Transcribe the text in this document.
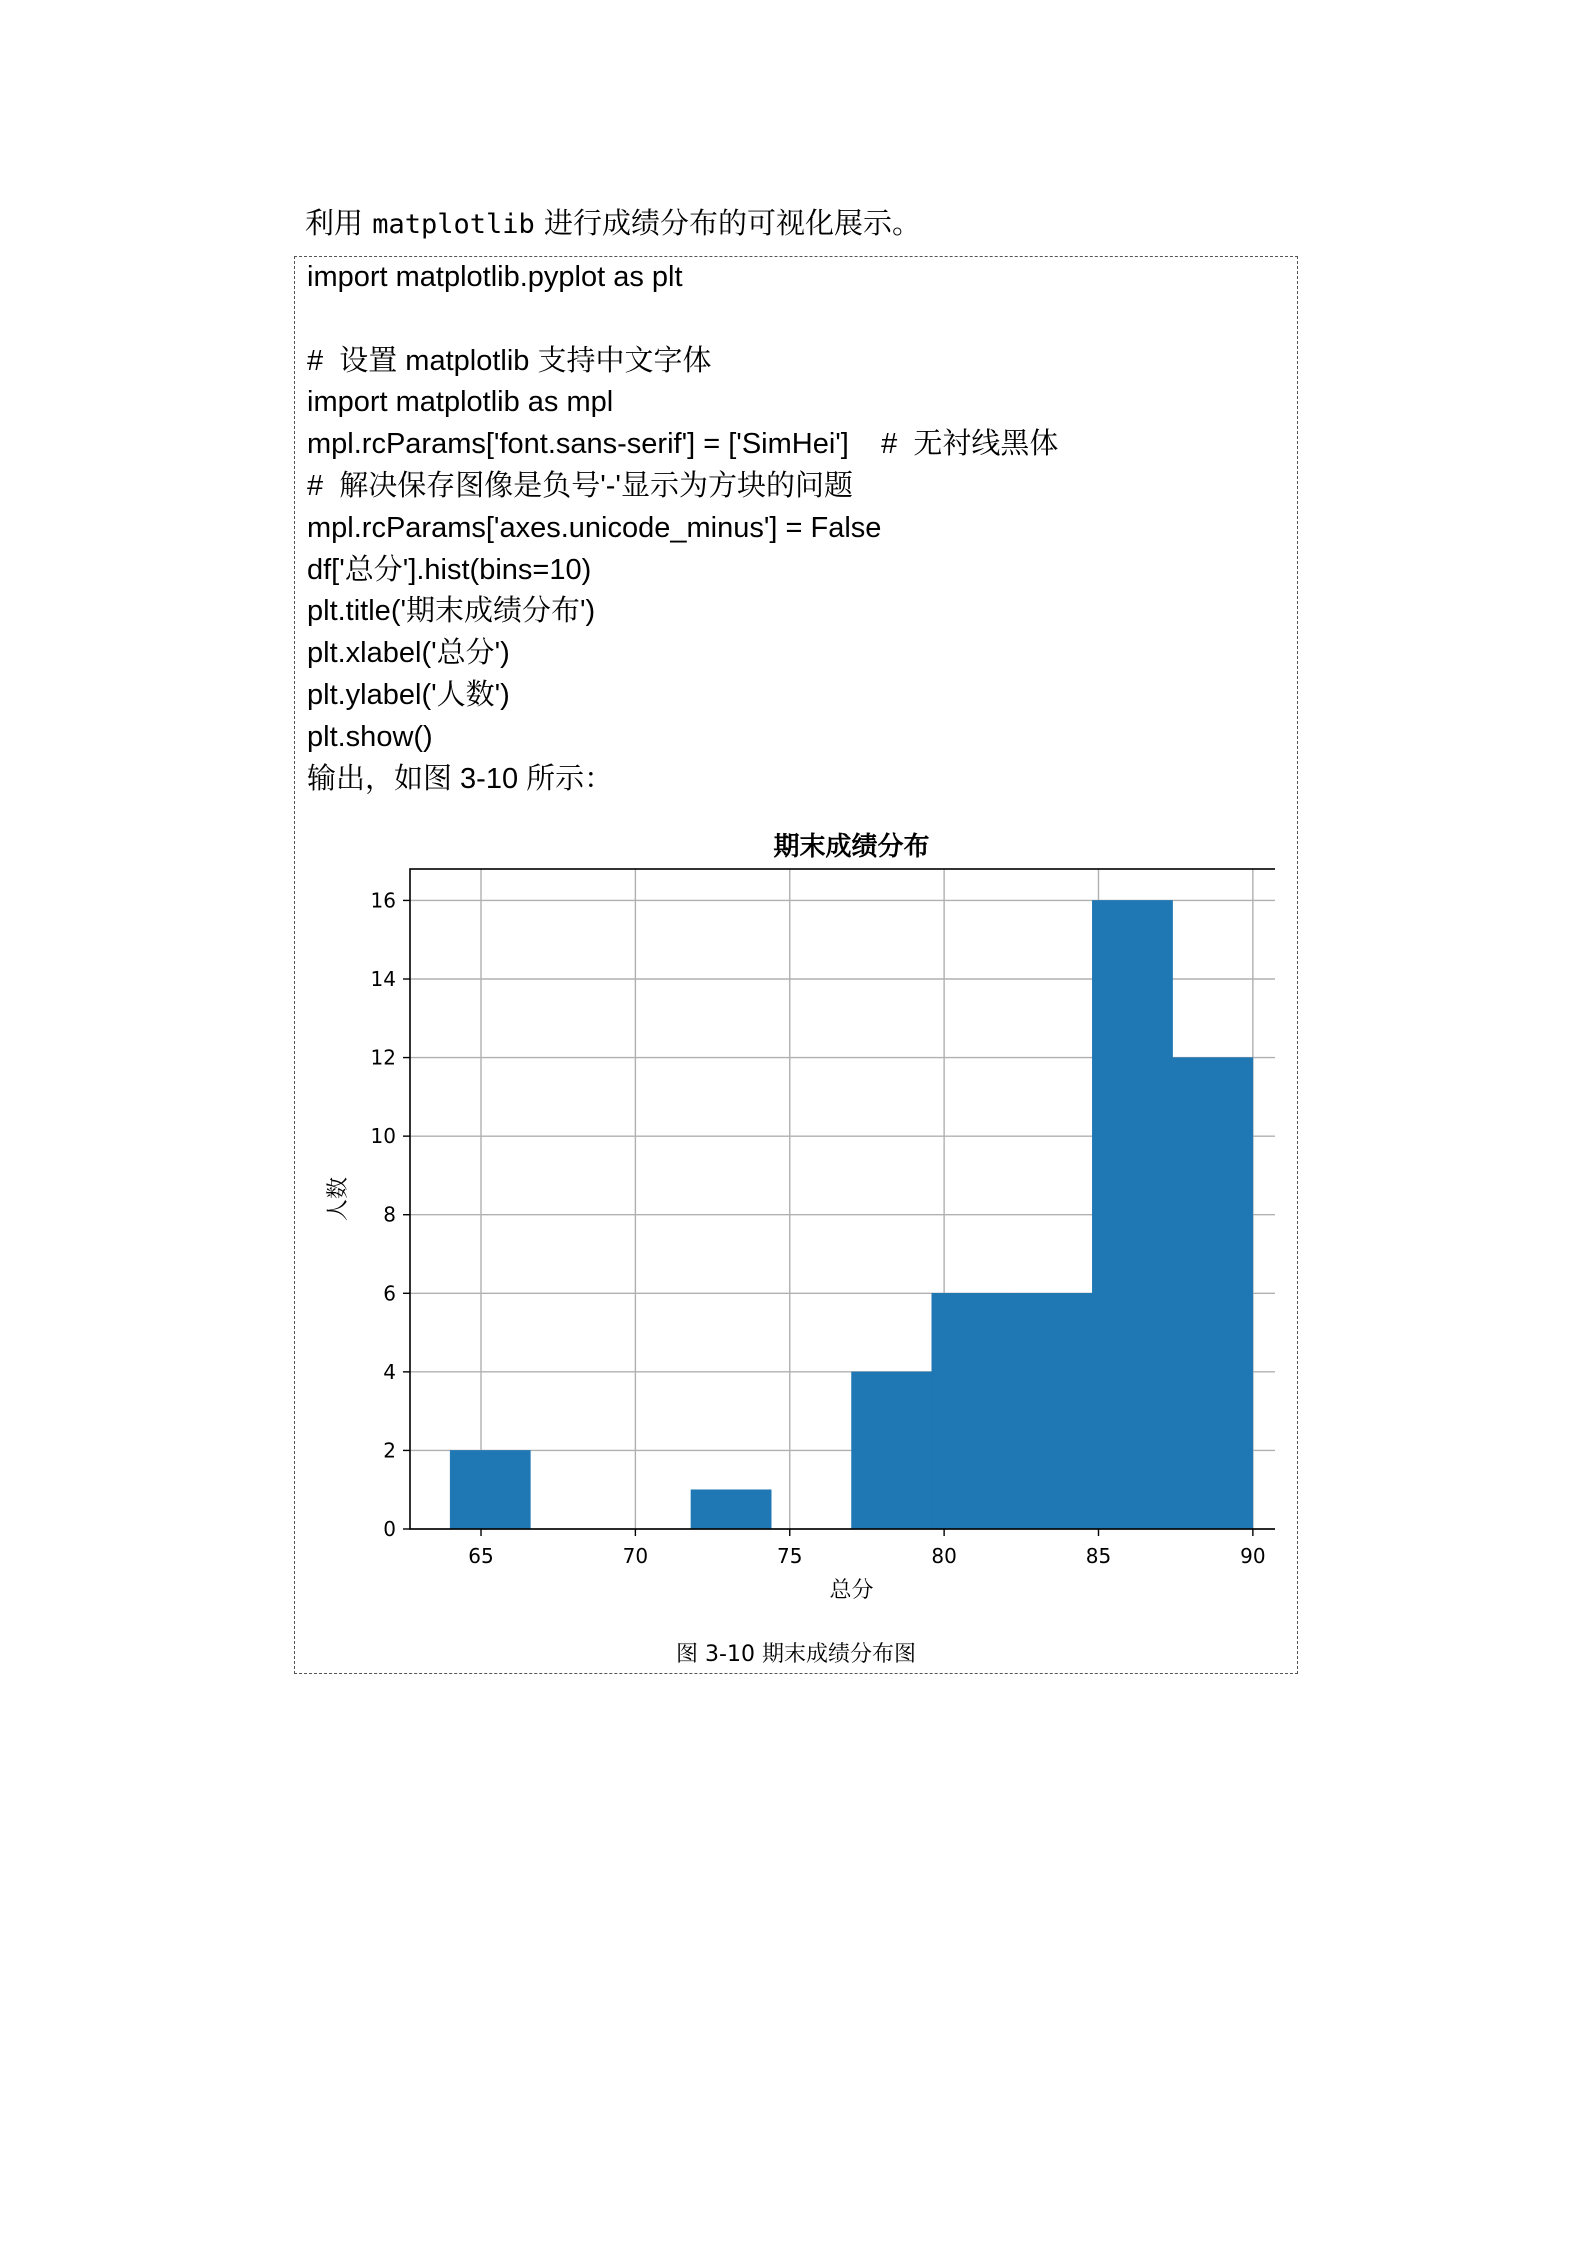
利用 matplotlib 进行成绩分布的可视化展示。
import matplotlib.pyplot as plt
#  设置 matplotlib 支持中文字体
import matplotlib as mpl
mpl.rcParams['font.sans-serif'] = ['SimHei']    #  无衬线黑体
#  解决保存图像是负号'-'显示为方块的问题
mpl.rcParams['axes.unicode_minus'] = False
df['总分'].hist(bins=10)
plt.title('期末成绩分布')
plt.xlabel('总分')
plt.ylabel('人数')
plt.show()
输出，如图 3-10 所示：
65	70	75	80	85	90
0
2
4
6
8
10
12
14
16
期末成绩分布
总分
人数
图 3-10 期末成绩分布图
